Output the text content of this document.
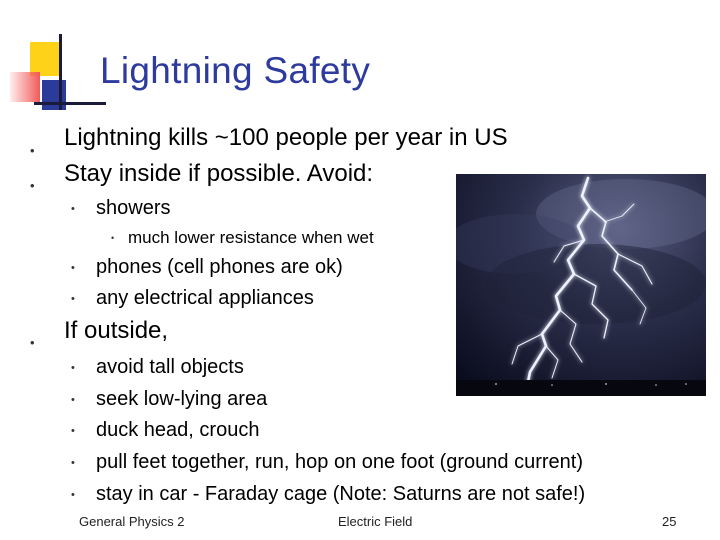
Lightning Safety
• Lightning kills ~100 people per year in US
• Stay inside if possible. Avoid:
• showers
• much lower resistance when wet
• phones (cell phones are ok)
• any electrical appliances
• If outside,
• avoid tall objects
• seek low-lying area
• duck head, crouch
• pull feet together, run, hop on one foot (ground current)
• stay in car - Faraday cage (Note: Saturns are not safe!)
General Physics 2	Electric Field	25
